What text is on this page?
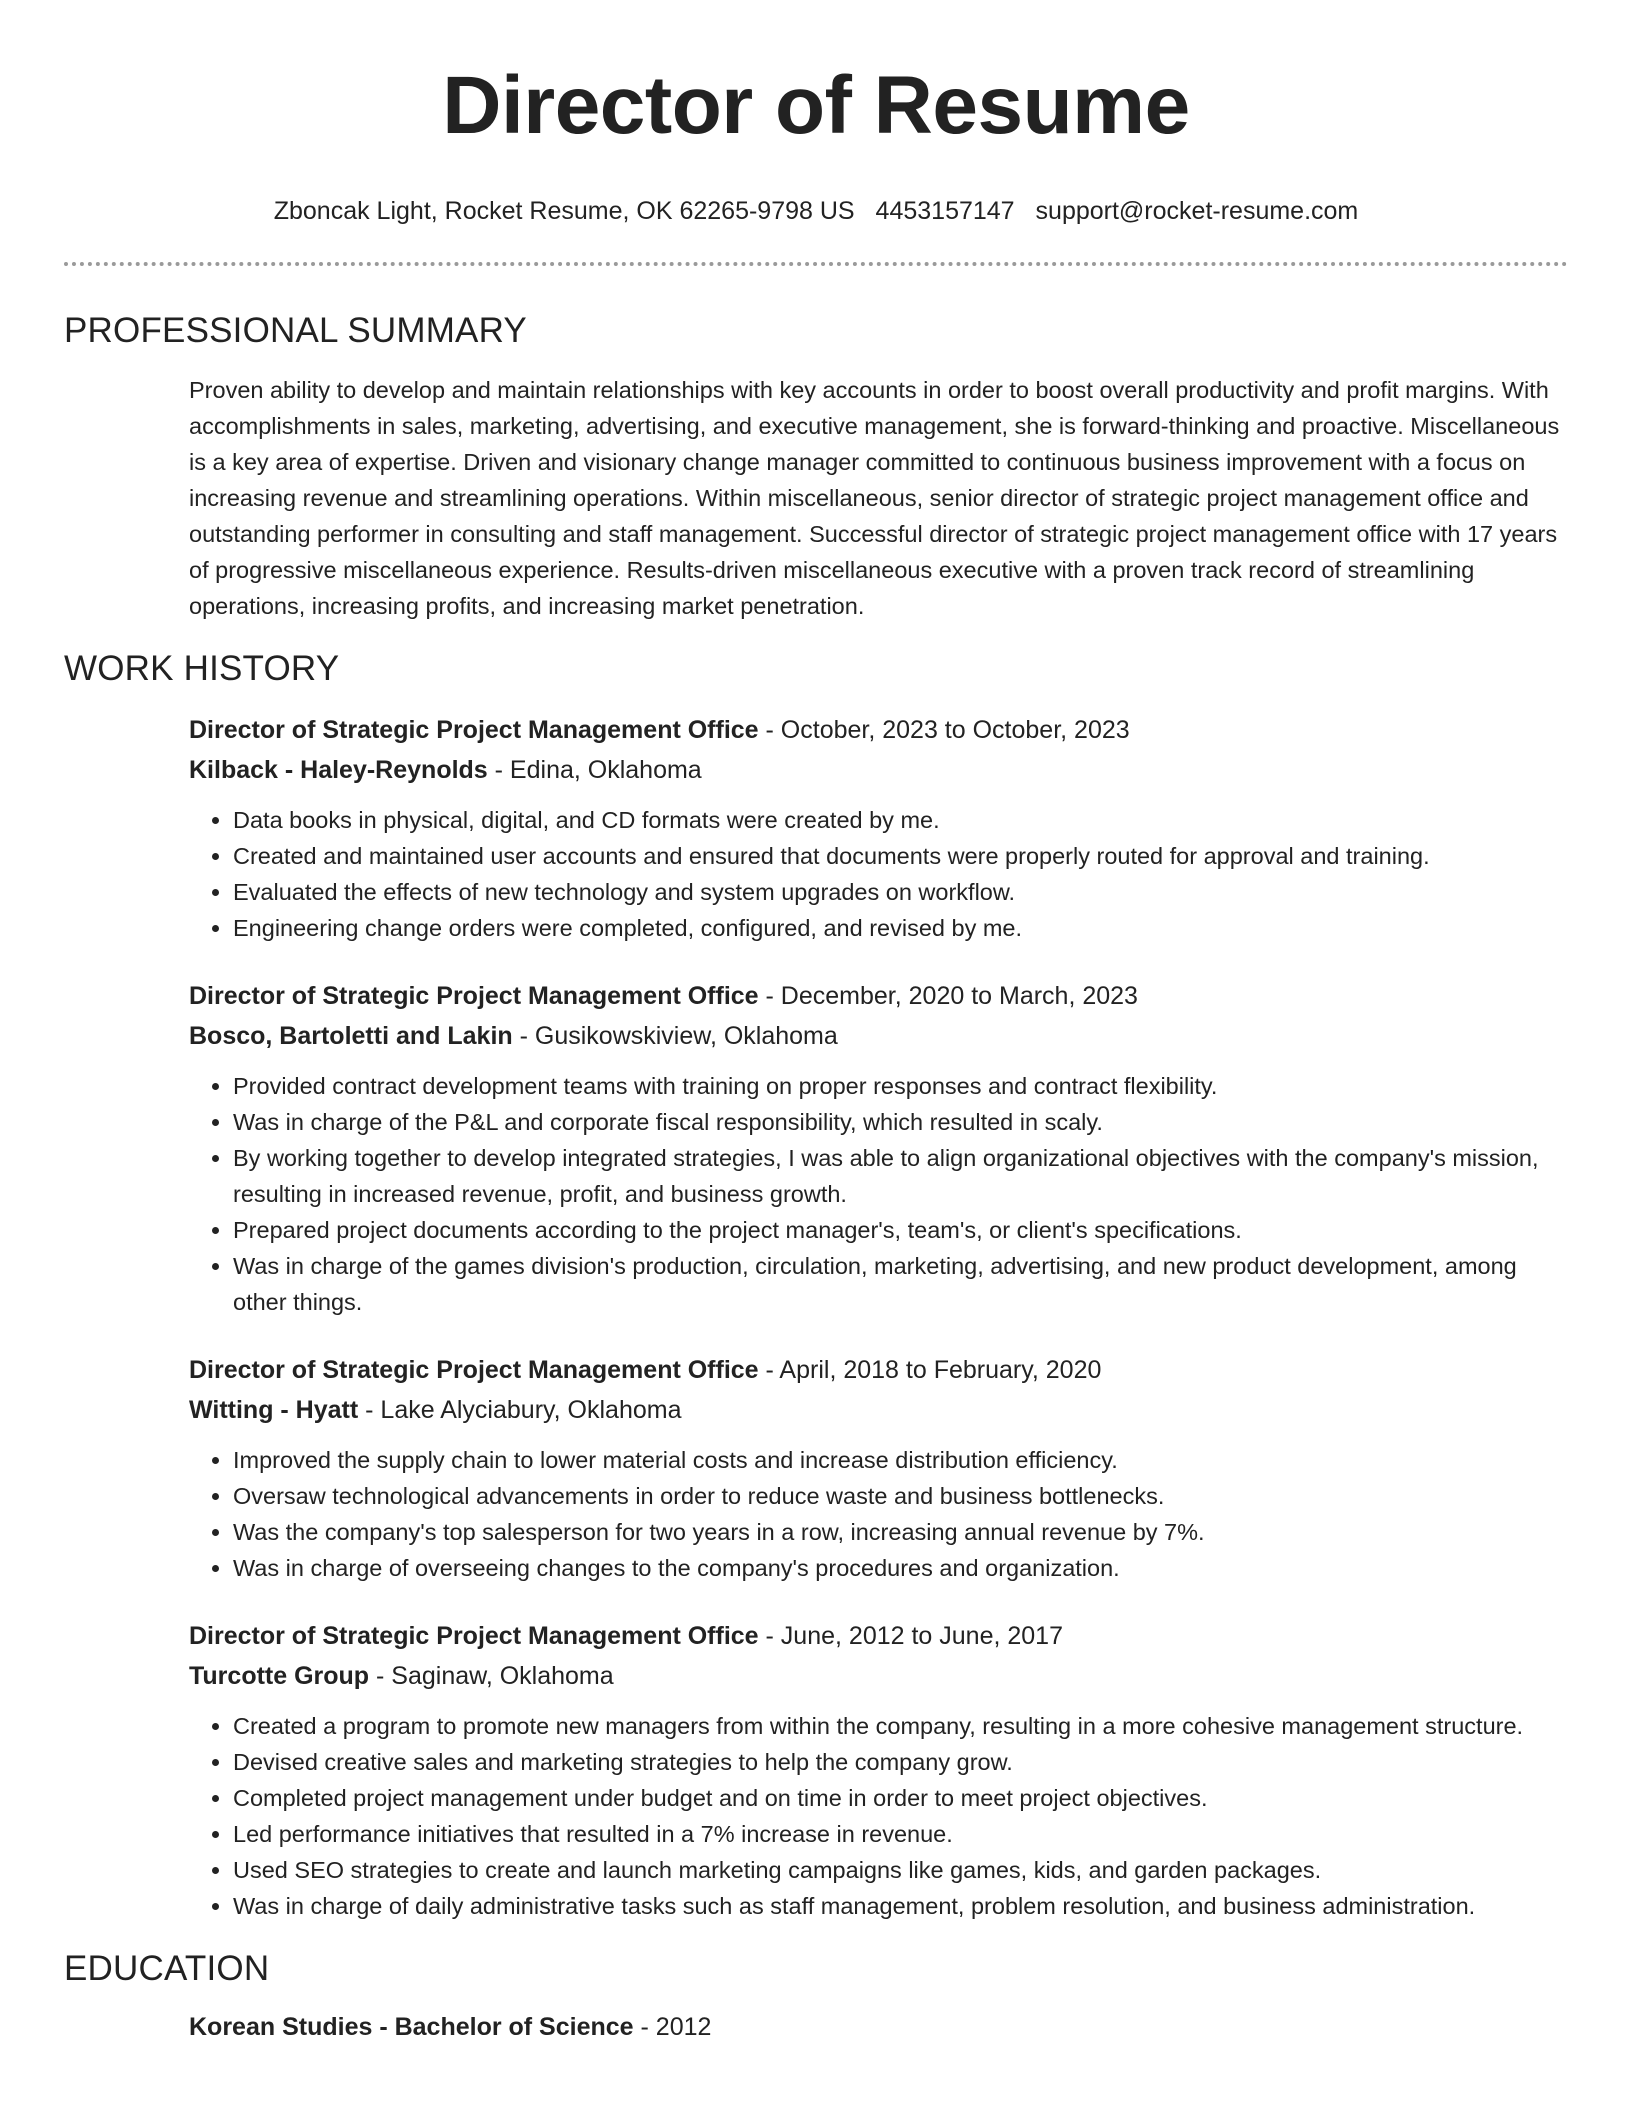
Director of Resume
Zboncak Light, Rocket Resume, OK 62265-9798 US 4453157147 support@rocket-resume.com
PROFESSIONAL SUMMARY

Proven ability to develop and maintain relationships with key accounts in order to boost overall productivity and profit margins. With accomplishments in sales, marketing, advertising, and executive management, she is forward-thinking and proactive. Miscellaneous is a key area of expertise. Driven and visionary change manager committed to continuous business improvement with a focus on increasing revenue and streamlining operations. Within miscellaneous, senior director of strategic project management office and outstanding performer in consulting and staff management. Successful director of strategic project management office with 17 years of progressive miscellaneous experience. Results-driven miscellaneous executive with a proven track record of streamlining operations, increasing profits, and increasing market penetration.

WORK HISTORY
Director of Strategic Project Management Office - October, 2023 to October, 2023
Kilback - Haley-Reynolds - Edina, Oklahoma
• Data books in physical, digital, and CD formats were created by me.
• Created and maintained user accounts and ensured that documents were properly routed for approval and training.
• Evaluated the effects of new technology and system upgrades on workflow.
• Engineering change orders were completed, configured, and revised by me.
Director of Strategic Project Management Office - December, 2020 to March, 2023
Bosco, Bartoletti and Lakin - Gusikowskiview, Oklahoma
• Provided contract development teams with training on proper responses and contract flexibility.
• Was in charge of the P&L and corporate fiscal responsibility, which resulted in scaly.
• By working together to develop integrated strategies, I was able to align organizational objectives with the company's mission, resulting in increased revenue, profit, and business growth.
• Prepared project documents according to the project manager's, team's, or client's specifications.
• Was in charge of the games division's production, circulation, marketing, advertising, and new product development, among other things.
Director of Strategic Project Management Office - April, 2018 to February, 2020
Witting - Hyatt - Lake Alyciabury, Oklahoma
• Improved the supply chain to lower material costs and increase distribution efficiency.
• Oversaw technological advancements in order to reduce waste and business bottlenecks.
• Was the company's top salesperson for two years in a row, increasing annual revenue by 7%.
• Was in charge of overseeing changes to the company's procedures and organization.
Director of Strategic Project Management Office - June, 2012 to June, 2017
Turcotte Group - Saginaw, Oklahoma
• Created a program to promote new managers from within the company, resulting in a more cohesive management structure.
• Devised creative sales and marketing strategies to help the company grow.
• Completed project management under budget and on time in order to meet project objectives.
• Led performance initiatives that resulted in a 7% increase in revenue.
• Used SEO strategies to create and launch marketing campaigns like games, kids, and garden packages.
• Was in charge of daily administrative tasks such as staff management, problem resolution, and business administration.
EDUCATION
Korean Studies - Bachelor of Science - 2012
